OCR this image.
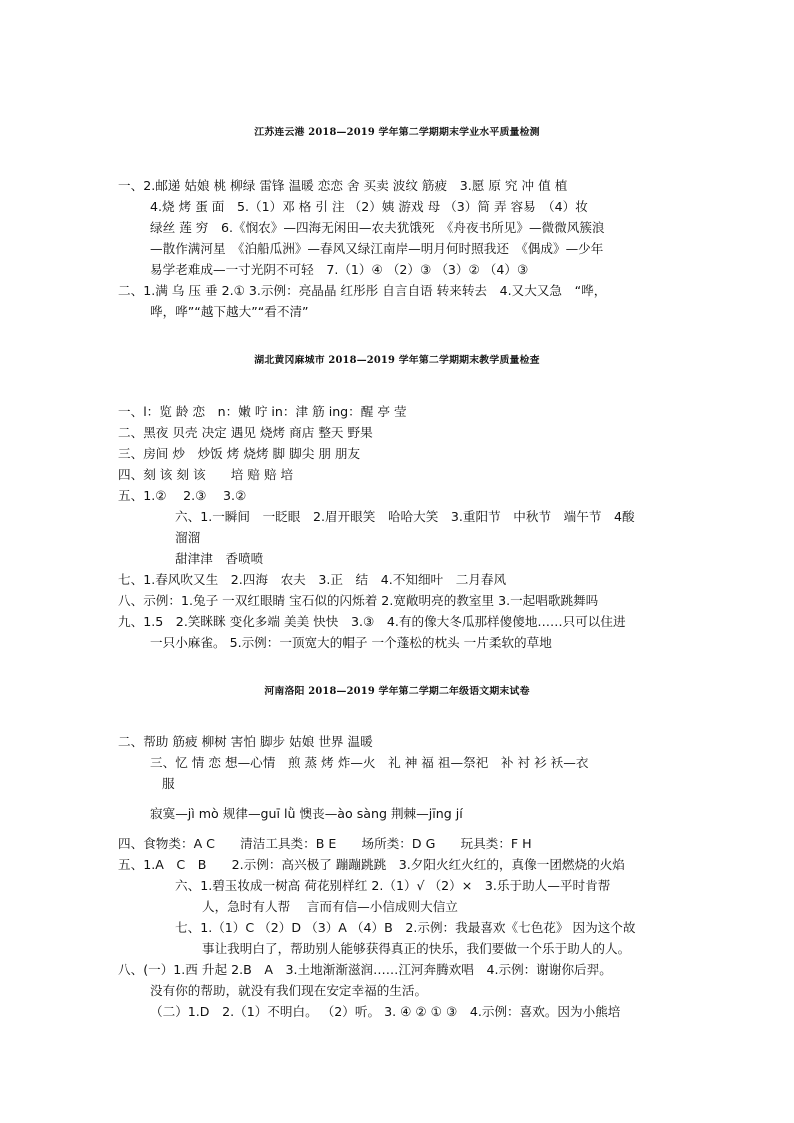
江苏连云港 2018—2019 学年第二学期期末学业水平质量检测
一、2.邮递 姑娘 桃 柳绿 雷锋 温暖 恋恋 舍 买卖 波纹 筋疲　3.愿 原 究 冲 值 植
4.烧 烤 蛋 面　5.（1）邓 格 引 注 （2）姨 游戏 母 （3）简 弄 容易　（4）妆
绿丝 莲 穷　6.《悯农》—四海无闲田—农夫犹饿死　《舟夜书所见》—微微风簇浪
—散作满河星　《泊船瓜洲》—春风又绿江南岸—明月何时照我还　《偶成》—少年
易学老难成—一寸光阴不可轻　7.（1）④ （2）③ （3）② （4）③
二、1.满 乌 压 垂 2.① 3.示例：亮晶晶 红彤彤 自言自语 转来转去　4.又大又急　“哗，
哗，哗”“越下越大”“看不清”
湖北黄冈麻城市 2018—2019 学年第二学期期末教学质量检查
一、l：览 龄 恋　n：嫩 咛 in：津 筋 ing：醒 亭 莹
二、黑夜 贝壳 决定 遇见 烧烤 商店 整天 野果
三、房间 炒　炒饭 烤 烧烤 脚 脚尖 朋 朋友
四、刻 该 刻 该　　培 赔 赔 培
五、1.②　 2.③　 3.②
六、1.一瞬间　一眨眼　2.眉开眼笑　哈哈大笑　3.重阳节　中秋节　端午节　4酸
溜溜
甜津津　香喷喷
七、1.春风吹又生　2.四海　农夫　3.正　结　4.不知细叶　二月春风
八、示例：1.兔子 一双红眼睛 宝石似的闪烁着 2.宽敞明亮的教室里 3.一起唱歌跳舞吗
九、1.5　2.笑眯眯 变化多端 美美 快快　3.③　4.有的像大冬瓜那样傻傻地……只可以住进
一只小麻雀。 5.示例：一顶宽大的帽子 一个蓬松的枕头 一片柔软的草地
河南洛阳 2018—2019 学年第二学期二年级语文期末试卷
二、帮助 筋疲 柳树 害怕 脚步 姑娘 世界 温暖
三、忆 情 恋 想—心情　煎 蒸 烤 炸—火　礼 神 福 祖—祭祀　补 衬 衫 袄—衣
服
寂寞—jì mò 规律—guī lǜ 懊丧—ào sàng 荆棘—jīng jí
四、食物类：A C　　清洁工具类：B E　　场所类：D G　　玩具类：F H
五、1.A　C　B　　2.示例：高兴极了 蹦蹦跳跳　3.夕阳火红火红的，真像一团燃烧的火焰
六、1.碧玉妆成一树高 荷花别样红 2.（1）√ （2）×　3.乐于助人—平时肯帮
人，急时有人帮　 言而有信—小信成则大信立
七、1.（1）C （2）D （3）A （4）B　2.示例：我最喜欢《七色花》 因为这个故
事让我明白了，帮助别人能够获得真正的快乐，我们要做一个乐于助人的人。
八、(一）1.西 升起 2.B　A　3.土地渐渐滋润……江河奔腾欢唱　4.示例：谢谢你后羿。
没有你的帮助，就没有我们现在安定幸福的生活。
（二）1.D　2.（1）不明白。 （2）听。 3. ④ ② ① ③　4.示例：喜欢。因为小熊培
